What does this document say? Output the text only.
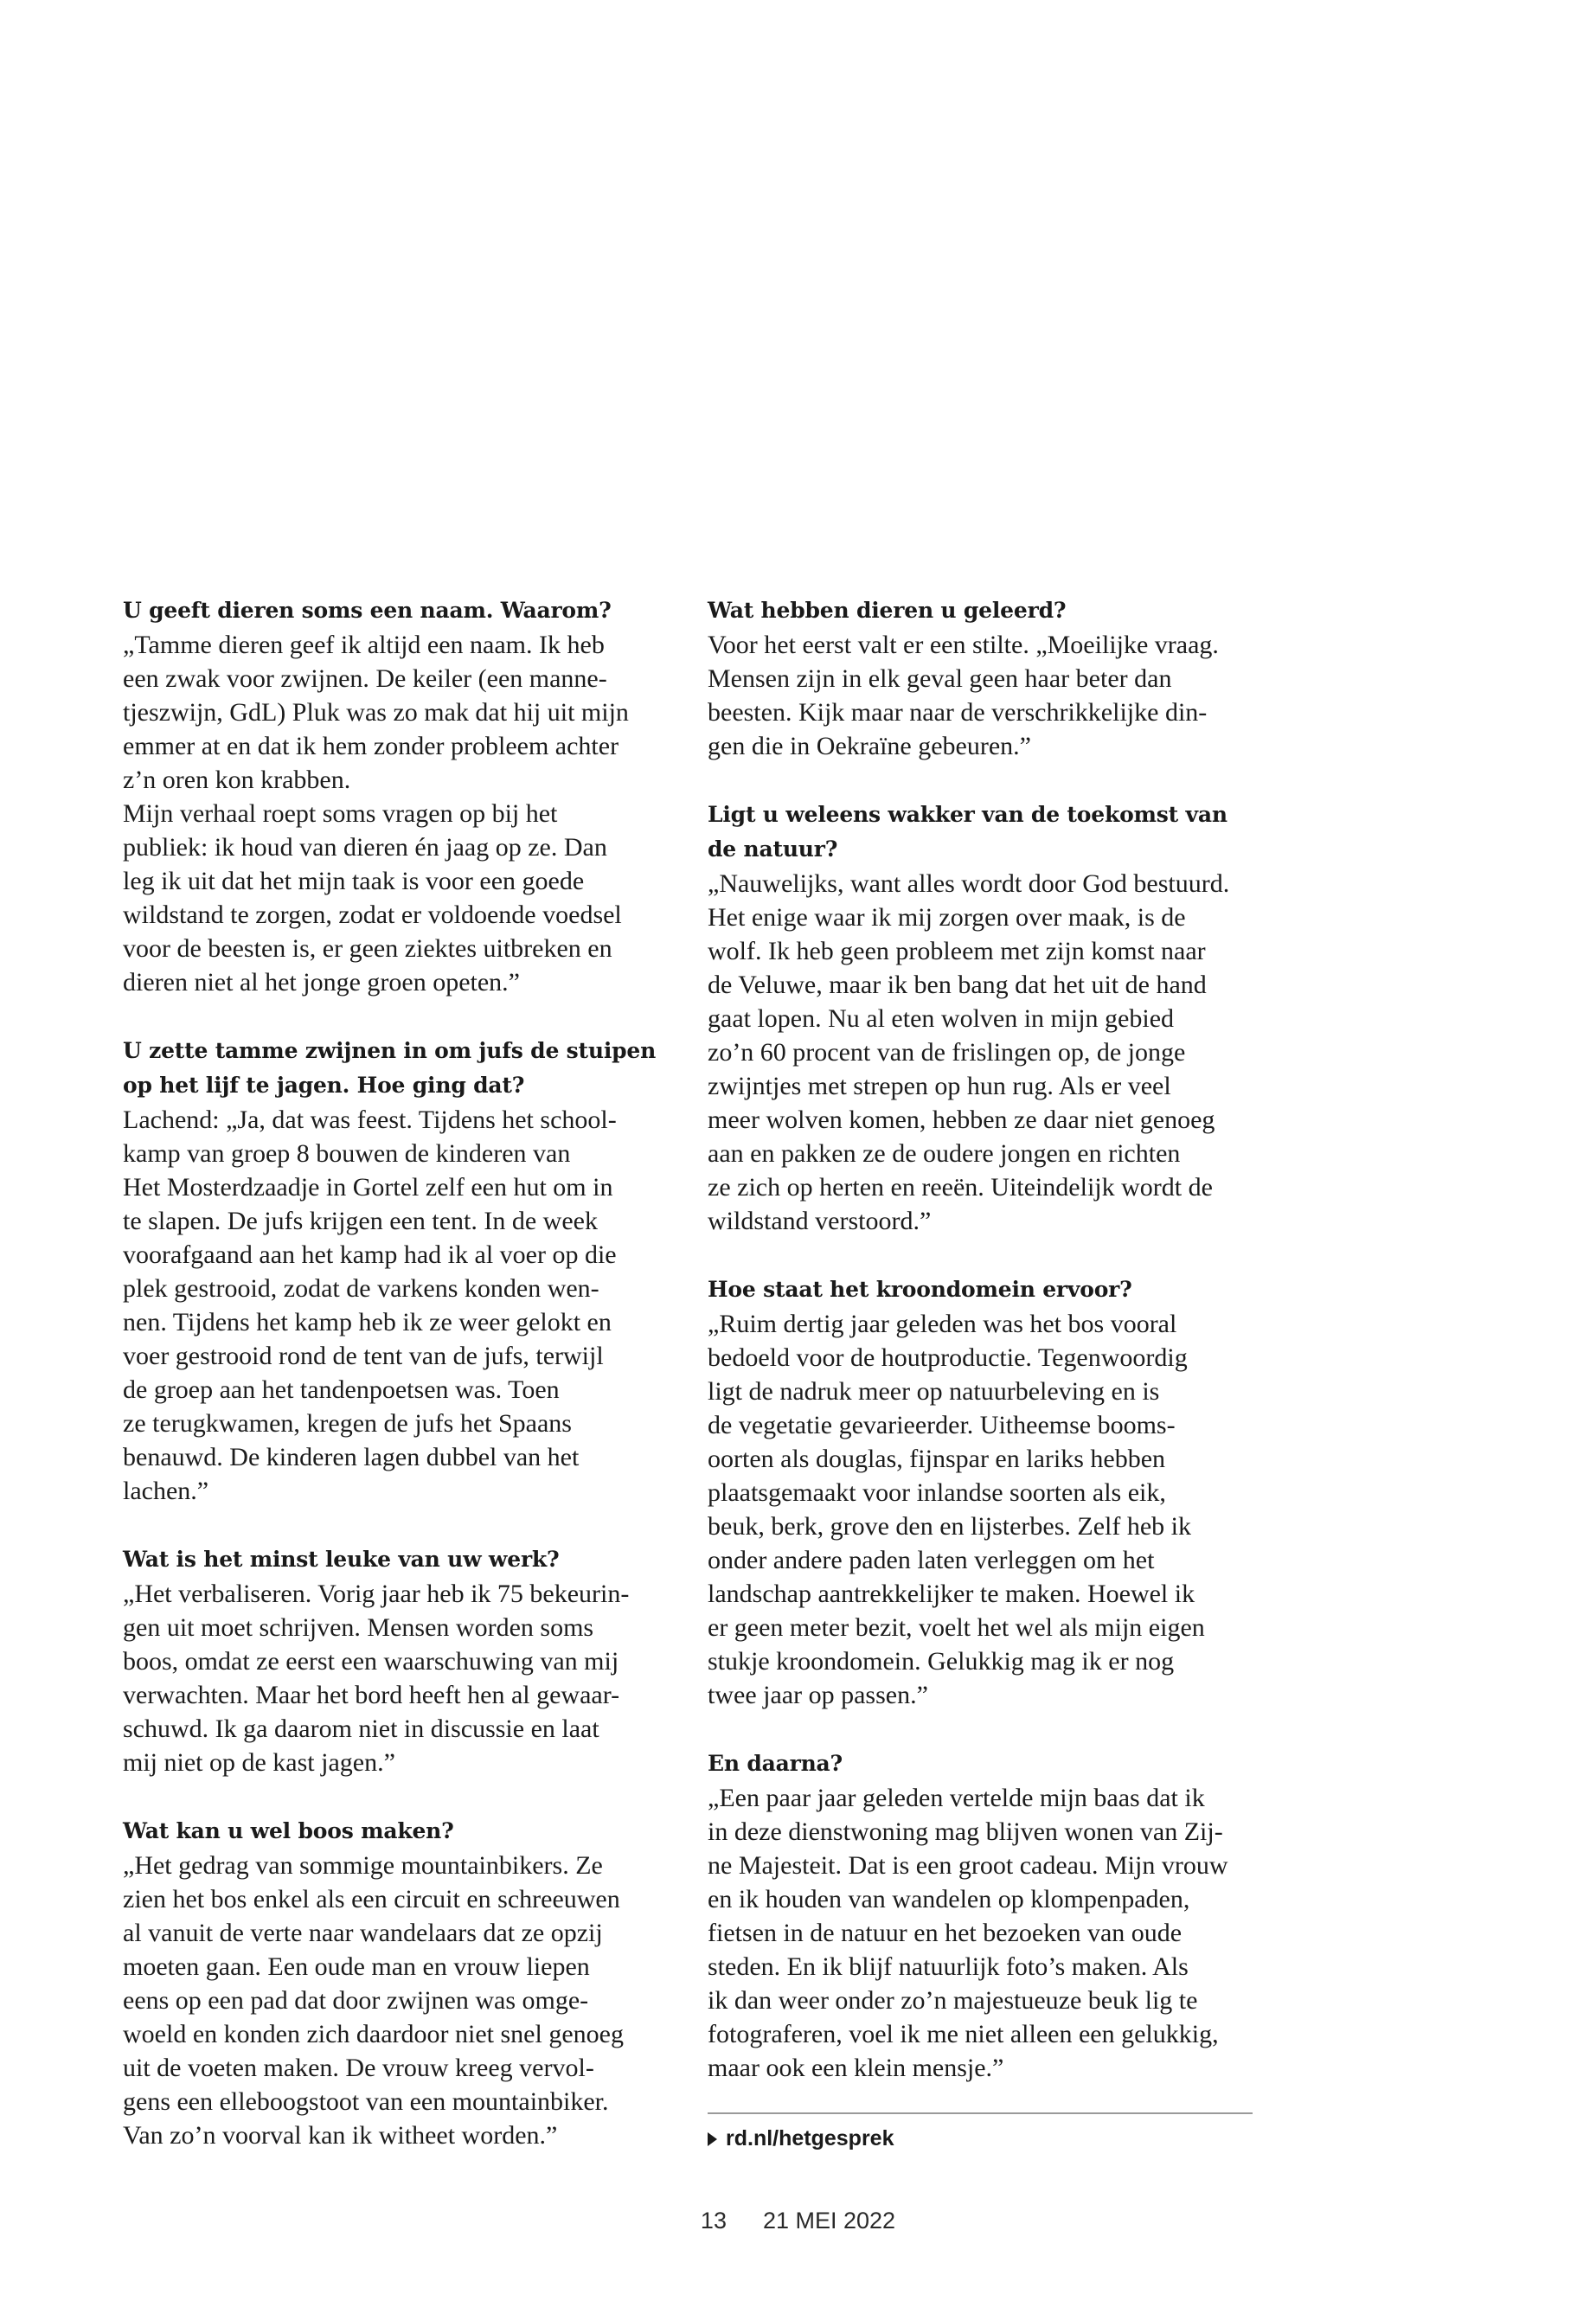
U geeft dieren soms een naam. Waarom?

„Tamme dieren geef ik altijd een naam. Ik heb
een zwak voor zwijnen. De keiler (een manne-
tjeszwijn, GdL) Pluk was zo mak dat hij uit mijn
emmer at en dat ik hem zonder probleem achter
z’n oren kon krabben.
Mijn verhaal roept soms vragen op bij het
publiek: ik houd van dieren én jaag op ze. Dan
leg ik uit dat het mijn taak is voor een goede
wildstand te zorgen, zodat er voldoende voedsel
voor de beesten is, er geen ziektes uitbreken en
dieren niet al het jonge groen opeten.”

U zette tamme zwijnen in om jufs de stuipen op het lijf te jagen. Hoe ging dat?

Lachend: „Ja, dat was feest. Tijdens het school-
kamp van groep 8 bouwen de kinderen van
Het Mosterdzaadje in Gortel zelf een hut om in
te slapen. De jufs krijgen een tent. In de week
voorafgaand aan het kamp had ik al voer op die
plek gestrooid, zodat de varkens konden wen-
nen. Tijdens het kamp heb ik ze weer gelokt en
voer gestrooid rond de tent van de jufs, terwijl
de groep aan het tandenpoetsen was. Toen
ze terugkwamen, kregen de jufs het Spaans
benauwd. De kinderen lagen dubbel van het
lachen.”

Wat is het minst leuke van uw werk?

„Het verbaliseren. Vorig jaar heb ik 75 bekeurin-
gen uit moet schrijven. Mensen worden soms
boos, omdat ze eerst een waarschuwing van mij
verwachten. Maar het bord heeft hen al gewaar-
schuwd. Ik ga daarom niet in discussie en laat
mij niet op de kast jagen.”

Wat kan u wel boos maken?

„Het gedrag van sommige mountainbikers. Ze
zien het bos enkel als een circuit en schreeuwen
al vanuit de verte naar wandelaars dat ze opzij
moeten gaan. Een oude man en vrouw liepen
eens op een pad dat door zwijnen was omge-
woeld en konden zich daardoor niet snel genoeg
uit de voeten maken. De vrouw kreeg vervol-
gens een elleboogstoot van een mountainbiker.
Van zo’n voorval kan ik witheet worden.”

Wat hebben dieren u geleerd?

Voor het eerst valt er een stilte. „Moeilijke vraag.
Mensen zijn in elk geval geen haar beter dan
beesten. Kijk maar naar de verschrikkelijke din-
gen die in Oekraïne gebeuren.”

Ligt u weleens wakker van de toekomst van de natuur?

„Nauwelijks, want alles wordt door God bestuurd.
Het enige waar ik mij zorgen over maak, is de
wolf. Ik heb geen probleem met zijn komst naar
de Veluwe, maar ik ben bang dat het uit de hand
gaat lopen. Nu al eten wolven in mijn gebied
zo’n 60 procent van de frislingen op, de jonge
zwijntjes met strepen op hun rug. Als er veel
meer wolven komen, hebben ze daar niet genoeg
aan en pakken ze de oudere jongen en richten
ze zich op herten en reeën. Uiteindelijk wordt de
wildstand verstoord.”

Hoe staat het kroondomein ervoor?

„Ruim dertig jaar geleden was het bos vooral
bedoeld voor de houtproductie. Tegenwoordig
ligt de nadruk meer op natuurbeleving en is
de vegetatie gevarieerder. Uitheemse booms-
oorten als douglas, fijnspar en lariks hebben
plaatsgemaakt voor inlandse soorten als eik,
beuk, berk, grove den en lijsterbes. Zelf heb ik
onder andere paden laten verleggen om het
landschap aantrekkelijker te maken. Hoewel ik
er geen meter bezit, voelt het wel als mijn eigen
stukje kroondomein. Gelukkig mag ik er nog
twee jaar op passen.”

En daarna?

„Een paar jaar geleden vertelde mijn baas dat ik
in deze dienstwoning mag blijven wonen van Zij-
ne Majesteit. Dat is een groot cadeau. Mijn vrouw
en ik houden van wandelen op klompenpaden,
fietsen in de natuur en het bezoeken van oude
steden. En ik blijf natuurlijk foto’s maken. Als
ik dan weer onder zo’n majestueuze beuk lig te
fotograferen, voel ik me niet alleen een gelukkig,
maar ook een klein mensje.”

rd.nl/hetgesprek
13 21 MEI 2022
